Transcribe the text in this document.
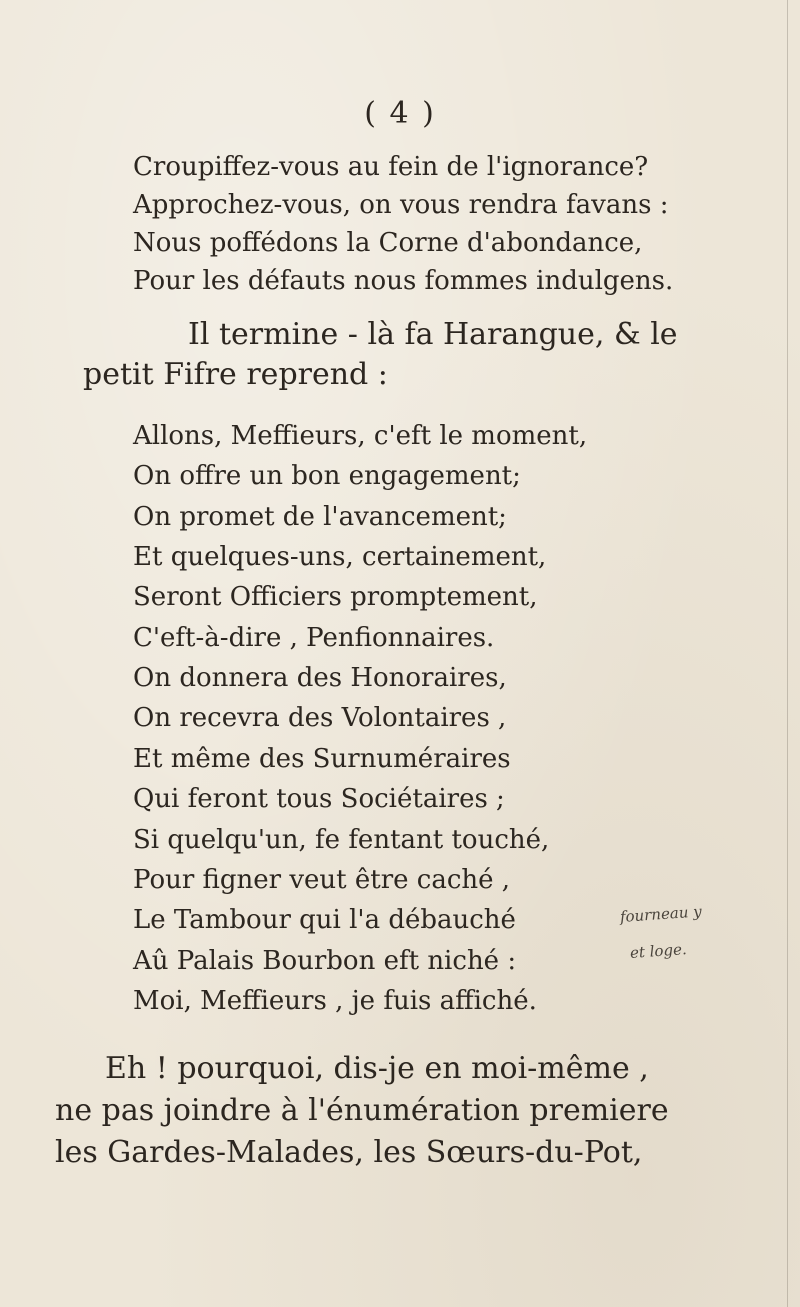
( 4 )
Croupiffez-vous au fein de l'ignorance?
Approchez-vous, on vous rendra favans :
Nous poffédons la Corne d'abondance,
Pour les défauts nous fommes indulgens.
Il termine - là fa Harangue, & le
petit Fifre reprend :
Allons, Meffieurs, c'eft le moment,
On offre un bon engagement;
On promet de l'avancement;
Et quelques-uns, certainement,
Seront Officiers promptement,
C'eft-à-dire , Penfionnaires.
On donnera des Honoraires,
On recevra des Volontaires ,
Et même des Surnuméraires
Qui feront tous Sociétaires ;
Si quelqu'un, fe fentant touché,
Pour figner veut être caché ,
Le Tambour qui l'a débauché
Aû Palais Bourbon eft niché :
Moi, Meffieurs , je fuis affiché.
fourneau y
et loge.
Eh ! pourquoi, dis-je en moi-même ,
ne pas joindre à l'énumération premiere
les Gardes-Malades, les Sœurs-du-Pot,
